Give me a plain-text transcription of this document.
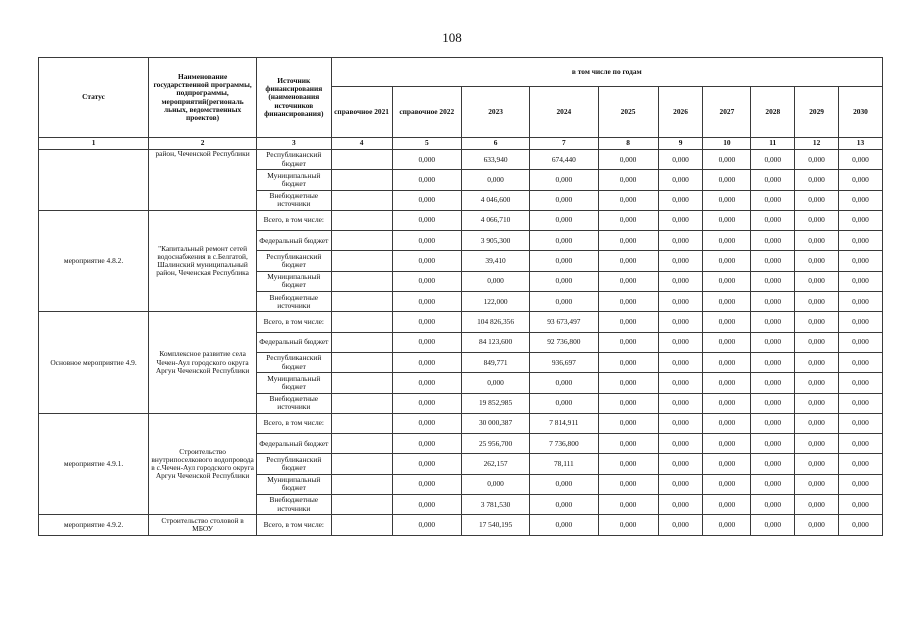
108
Статус	Наименование государственной программы, подпрограммы, мероприятий(региональ льных, ведомственных проектов)	Источник финансирования (наименования источников финансирования)	в том числе по годам									
			справочное 2021	справочное 2022	2023	2024	2025	2026	2027	2028	2029	2030
1	2	3	4	5	6	7	8	9	10	11	12	13
	район, Чеченской Республики	Республиканский бюджет		0,000	633,940	674,440	0,000	0,000	0,000	0,000	0,000	0,000
		Муниципальный бюджет		0,000	0,000	0,000	0,000	0,000	0,000	0,000	0,000	0,000
		Внебюджетные источники		0,000	4 046,600	0,000	0,000	0,000	0,000	0,000	0,000	0,000
мероприятие 4.8.2.	"Капитальный ремонт сетей водоснабжения в с.Белгатой, Шалинский муниципальный район, Чеченская Республика	Всего, в том числе:		0,000	4 066,710	0,000	0,000	0,000	0,000	0,000	0,000	0,000
		Федеральный бюджет		0,000	3 905,300	0,000	0,000	0,000	0,000	0,000	0,000	0,000
		Республиканский бюджет		0,000	39,410	0,000	0,000	0,000	0,000	0,000	0,000	0,000
		Муниципальный бюджет		0,000	0,000	0,000	0,000	0,000	0,000	0,000	0,000	0,000
		Внебюджетные источники		0,000	122,000	0,000	0,000	0,000	0,000	0,000	0,000	0,000
Основное мероприятие 4.9.	Комплексное развитие села Чечен-Аул городского округа Аргун Чеченской Республики	Всего, в том числе:		0,000	104 826,356	93 673,497	0,000	0,000	0,000	0,000	0,000	0,000
		Федеральный бюджет		0,000	84 123,600	92 736,800	0,000	0,000	0,000	0,000	0,000	0,000
		Республиканский бюджет		0,000	849,771	936,697	0,000	0,000	0,000	0,000	0,000	0,000
		Муниципальный бюджет		0,000	0,000	0,000	0,000	0,000	0,000	0,000	0,000	0,000
		Внебюджетные источники		0,000	19 852,985	0,000	0,000	0,000	0,000	0,000	0,000	0,000
мероприятие 4.9.1.	Строительство внутрипоселкового водопровода в с.Чечен-Аул городского округа Аргун Чеченской Республики	Всего, в том числе:		0,000	30 000,387	7 814,911	0,000	0,000	0,000	0,000	0,000	0,000
		Федеральный бюджет		0,000	25 956,700	7 736,800	0,000	0,000	0,000	0,000	0,000	0,000
		Республиканский бюджет		0,000	262,157	78,111	0,000	0,000	0,000	0,000	0,000	0,000
		Муниципальный бюджет		0,000	0,000	0,000	0,000	0,000	0,000	0,000	0,000	0,000
		Внебюджетные источники		0,000	3 781,530	0,000	0,000	0,000	0,000	0,000	0,000	0,000
мероприятие 4.9.2.	Строительство столовой в МБОУ	Всего, в том числе:		0,000	17 540,195	0,000	0,000	0,000	0,000	0,000	0,000	0,000
